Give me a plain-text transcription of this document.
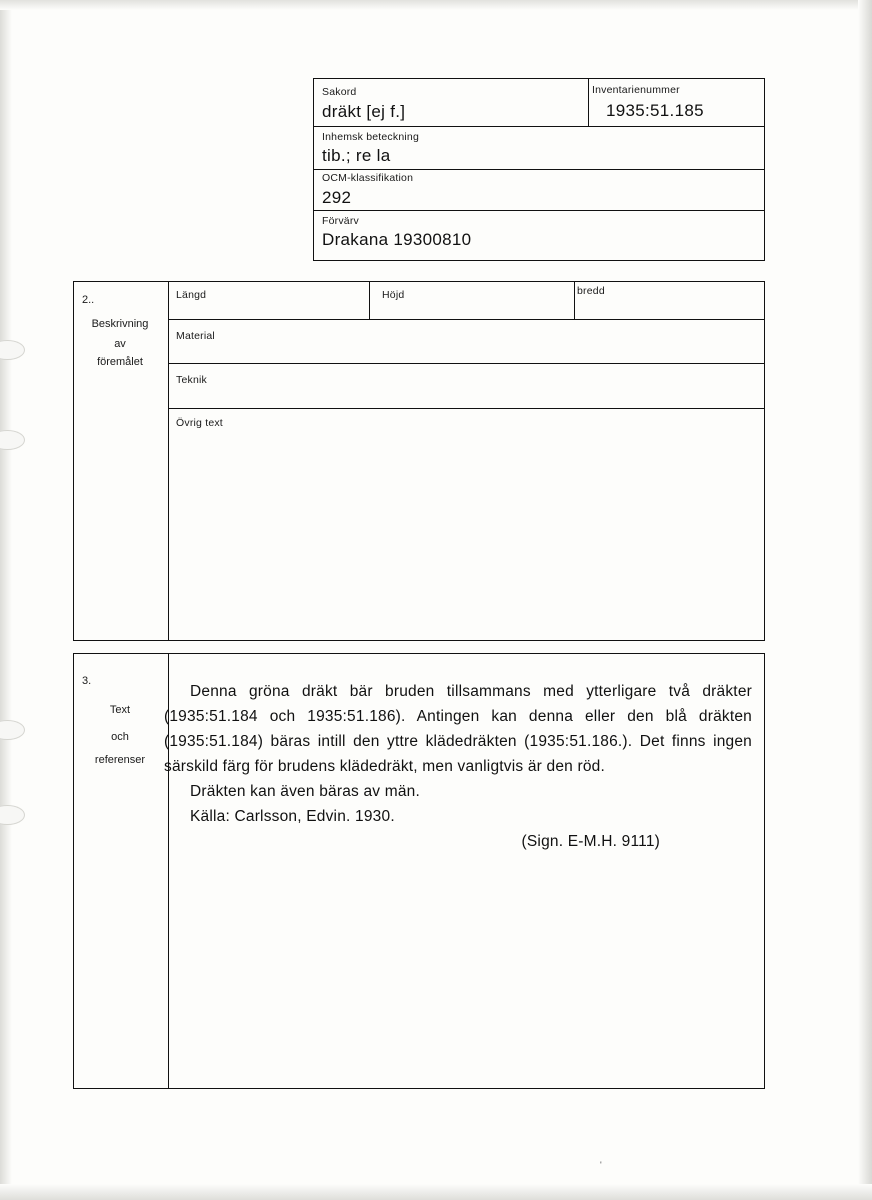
Sakord
dräkt [ej f.]
Inventarienummer
1935:51.185
Inhemsk beteckning
tib.; re la
OCM-klassifikation
292
Förvärv
Drakana 19300810
2..
Beskrivning
av
föremålet
Längd	Höjd	bredd
Material
Teknik
Övrig text
3.
Text
och
referenser

Denna gröna dräkt bär bruden tillsammans med ytterligare två dräkter (1935:51.184 och 1935:51.186). Antingen kan denna eller den blå dräkten (1935:51.184) bäras intill den yttre klädedräkten (1935:51.186.). Det finns ingen särskild färg för brudens klädedräkt, men vanligtvis är den röd.

Dräkten kan även bäras av män.

Källa: Carlsson, Edvin. 1930.

(Sign. E-M.H. 9111)

'
